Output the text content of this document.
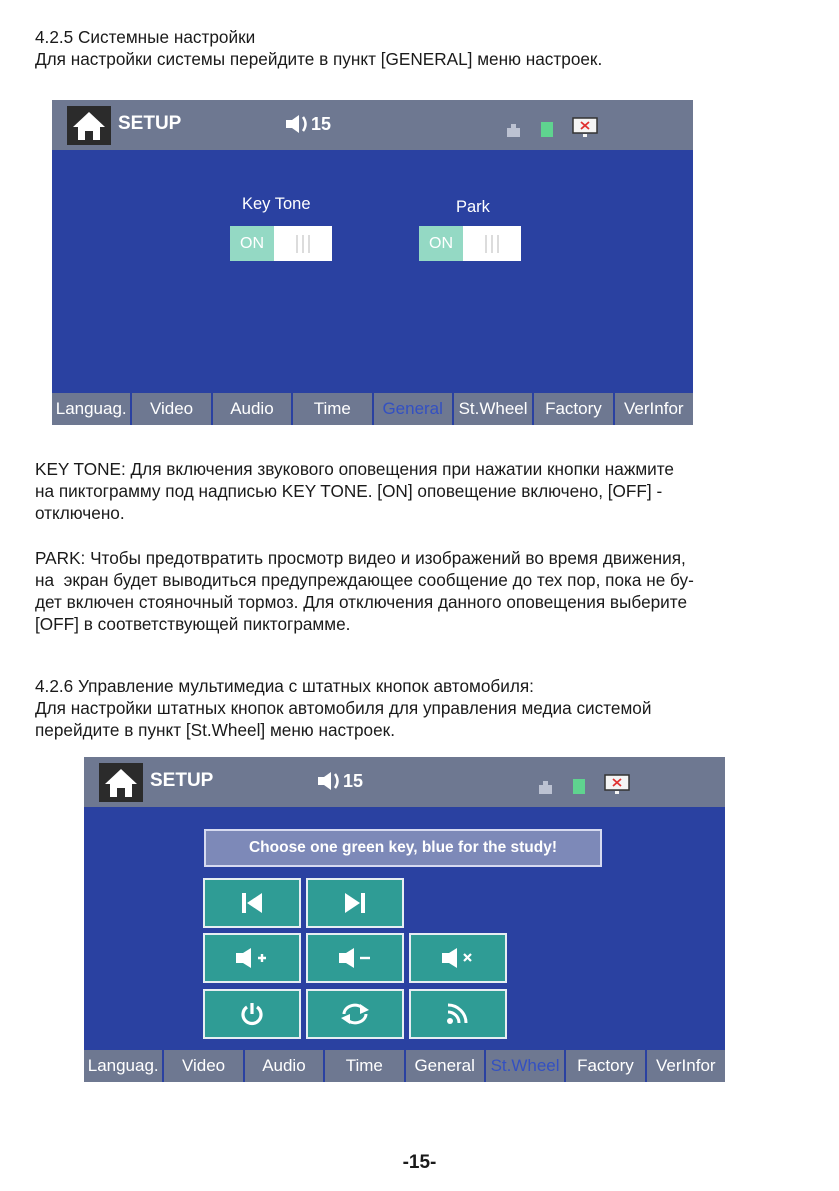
4.2.5 Системные настройки
Для настройки системы перейдите в пункт [GENERAL] меню настроек.
SETUP	15
Key Tone
ON
Park
ON
Languag.	Video	Audio	Time	General St.Wheel	Factory	VerInfor
KEY TONE: Для включения звукового оповещения при нажатии кнопки нажмите
на пиктограмму под надписью KEY TONE. [ON] оповещение включено, [OFF] -
отключено.
PARK: Чтобы предотвратить просмотр видео и изображений во время движения,
на  экран будет выводиться предупреждающее сообщение до тех пор, пока не бу-
дет включен стояночный тормоз. Для отключения данного оповещения выберите
[OFF] в соответствующей пиктограмме.
4.2.6 Управление мультимедиа с штатных кнопок автомобиля:
Для настройки штатных кнопок автомобиля для управления медиа системой
перейдите в пункт [St.Wheel] меню настроек.
SETUP	15
Choose one green key, blue for the study!
Languag.	Video	Audio	Time	General St.Wheel	Factory	VerInfor
-15-
